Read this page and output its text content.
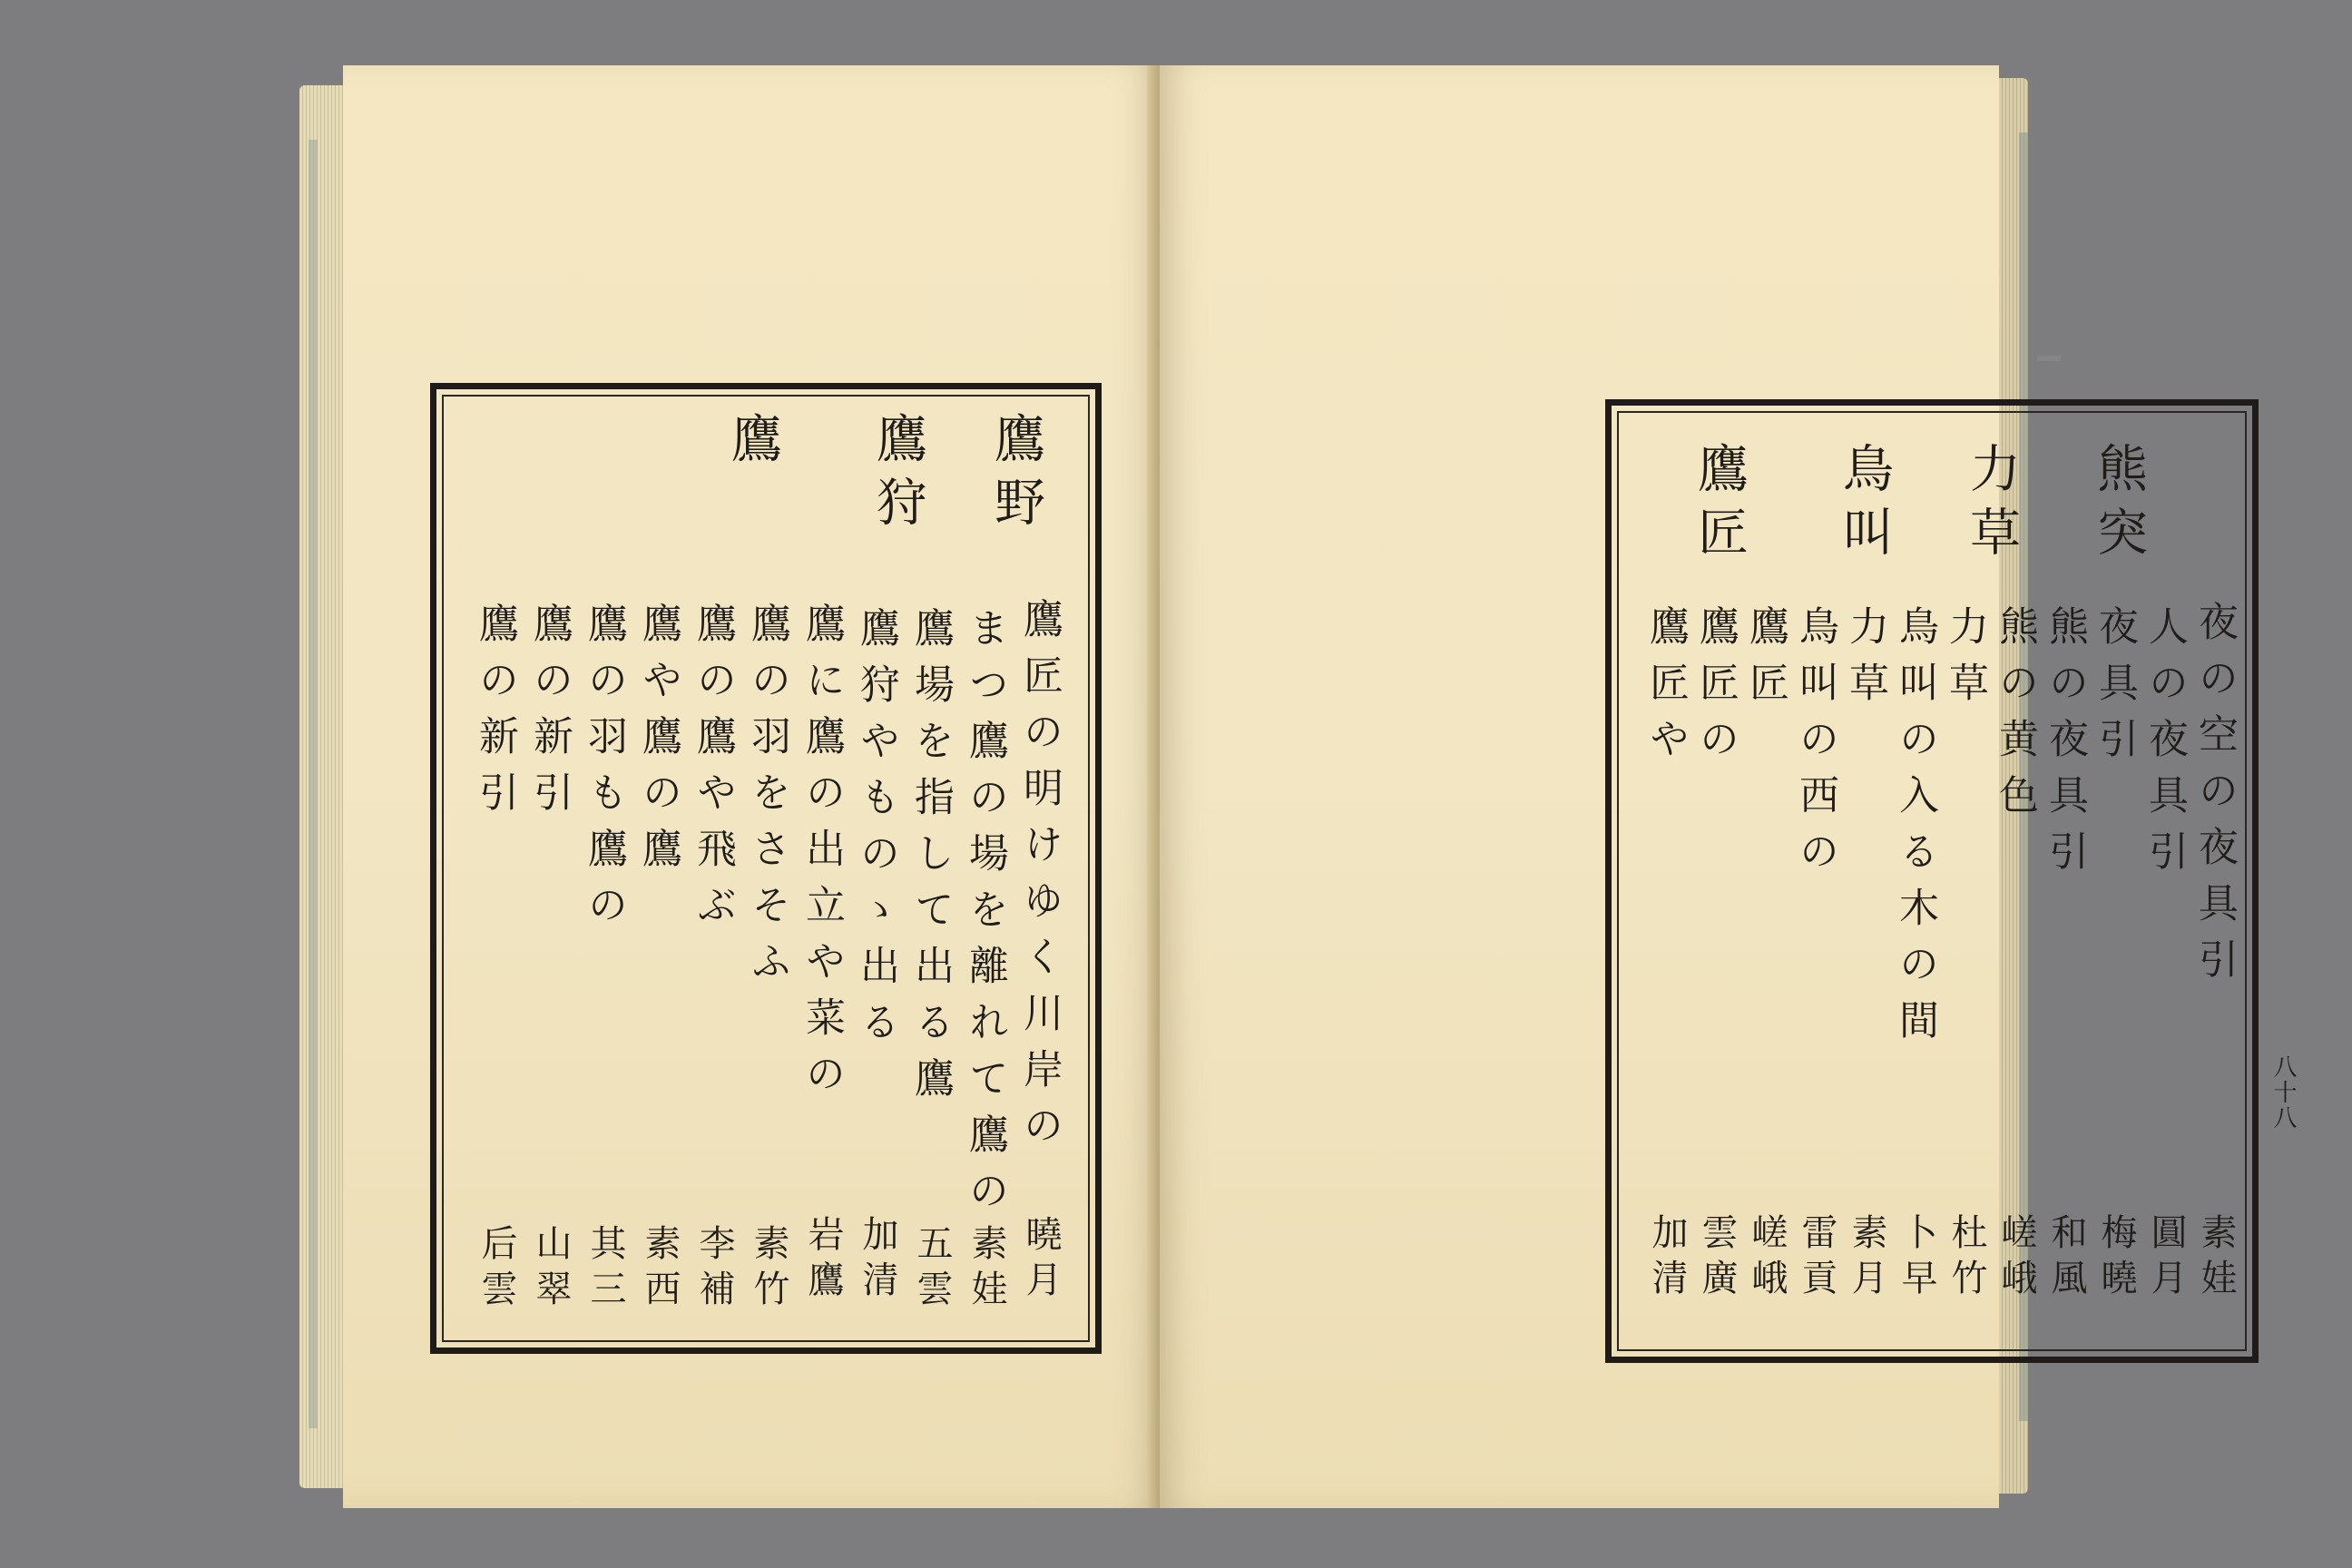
鷹野
鷹狩
鷹
鷹匠の明けゆく川岸の
曉月
まつ鷹の場を離れて鷹の
素娃
鷹場を指して出る鷹
五雲
鷹狩やものゝ出る
加清
鷹に鷹の出立や菜の
岩鷹
鷹の羽をさそふ
素竹
鷹の鷹や飛ぶ
李補
鷹や鷹の鷹
素西
鷹の羽も鷹の
其三
鷹の新引
山翠
鷹の新引
后雲
熊突
力草
鳥叫
鷹匠
夜の空の夜具引
素娃
人の夜具引
圓月
夜具引
梅曉
熊の夜具引
和風
熊の黄色
嵯峨
力草
杜竹
鳥叫の入る木の間
卜早
力草
素月
鳥叫の西の
雷貢
鷹匠
嵯峨
鷹匠の
雲廣
鷹匠や
加清
八十八
